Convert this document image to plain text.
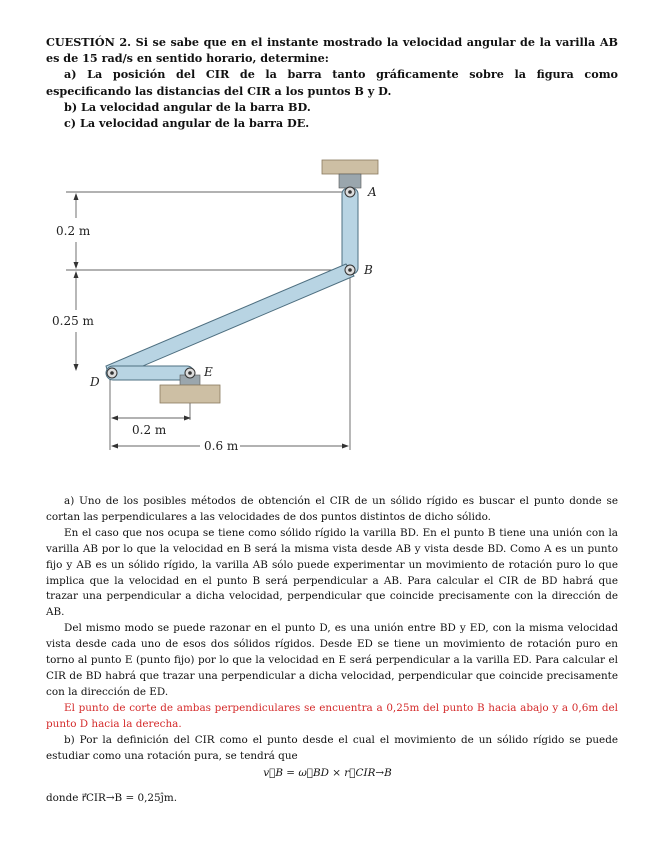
CUESTIÓN 2. Si se sabe que en el instante mostrado la velocidad angular de la varilla AB es de 15 rad/s en sentido horario, determine:

a) La posición del CIR de la barra tanto gráficamente sobre la figura como especificando las distancias del CIR a los puntos B y D.

b) La velocidad angular de la barra BD.

c) La velocidad angular de la barra DE.

A
B
D
E
0.2 m
0.25 m
0.2 m
0.6 m

a) Uno de los posibles métodos de obtención el CIR de un sólido rígido es buscar el punto donde se cortan las perpendiculares a las velocidades de dos puntos distintos de dicho sólido.

En el caso que nos ocupa se tiene como sólido rígido la varilla BD. En el punto B tiene una unión con la varilla AB por lo que la velocidad en B será la misma vista desde AB y vista desde BD. Como A es un punto fijo y AB es un sólido rígido, la varilla AB sólo puede experimentar un movimiento de rotación puro lo que implica que la velocidad en el punto B será perpendicular a AB. Para calcular el CIR de BD habrá que trazar una perpendicular a dicha velocidad, perpendicular que coincide precisamente con la dirección de AB.

Del mismo modo se puede razonar en el punto D, es una unión entre BD y ED, con la misma velocidad vista desde cada uno de esos dos sólidos rígidos. Desde ED se tiene un movimiento de rotación puro en torno al punto E (punto fijo) por lo que la velocidad en E será perpendicular a la varilla ED. Para calcular el CIR de BD habrá que trazar una perpendicular a dicha velocidad, perpendicular que coincide precisamente con la dirección de ED.

El punto de corte de ambas perpendiculares se encuentra a 0,25m del punto B hacia abajo y a 0,6m del punto D hacia la derecha.

b) Por la definición del CIR como el punto desde el cual el movimiento de un sólido rígido se puede estudiar como una rotación pura, se tendrá que

v⃗B = ω⃗BD × r⃗CIR→B
donde r⃗CIR→B = 0,25ĵm.
